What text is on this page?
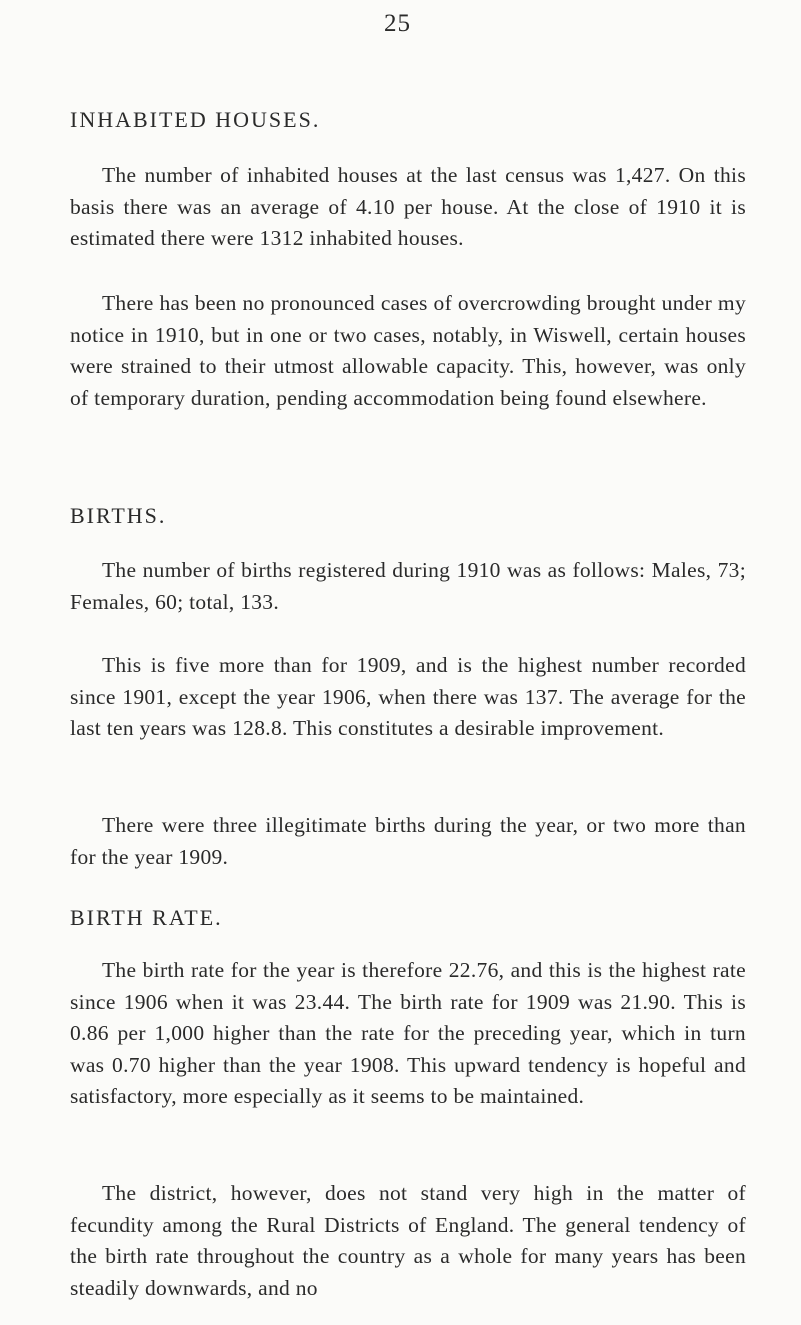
25
INHABITED HOUSES.

The number of inhabited houses at the last census was 1,427. On this basis there was an average of 4.10 per house. At the close of 1910 it is estimated there were 1312 inhabited houses.

There has been no pronounced cases of overcrowding brought under my notice in 1910, but in one or two cases, notably, in Wiswell, certain houses were strained to their utmost allowable capacity. This, however, was only of temporary duration, pending accommodation being found elsewhere.

BIRTHS.

The number of births registered during 1910 was as follows: Males, 73; Females, 60; total, 133.

This is five more than for 1909, and is the highest number recorded since 1901, except the year 1906, when there was 137. The average for the last ten years was 128.8. This constitutes a desirable improvement.

There were three illegitimate births during the year, or two more than for the year 1909.

BIRTH RATE.

The birth rate for the year is therefore 22.76, and this is the highest rate since 1906 when it was 23.44. The birth rate for 1909 was 21.90. This is 0.86 per 1,000 higher than the rate for the preceding year, which in turn was 0.70 higher than the year 1908. This upward tendency is hopeful and satisfactory, more especially as it seems to be maintained.

The district, however, does not stand very high in the matter of fecundity among the Rural Districts of England. The general tendency of the birth rate throughout the country as a whole for many years has been steadily downwards, and no
